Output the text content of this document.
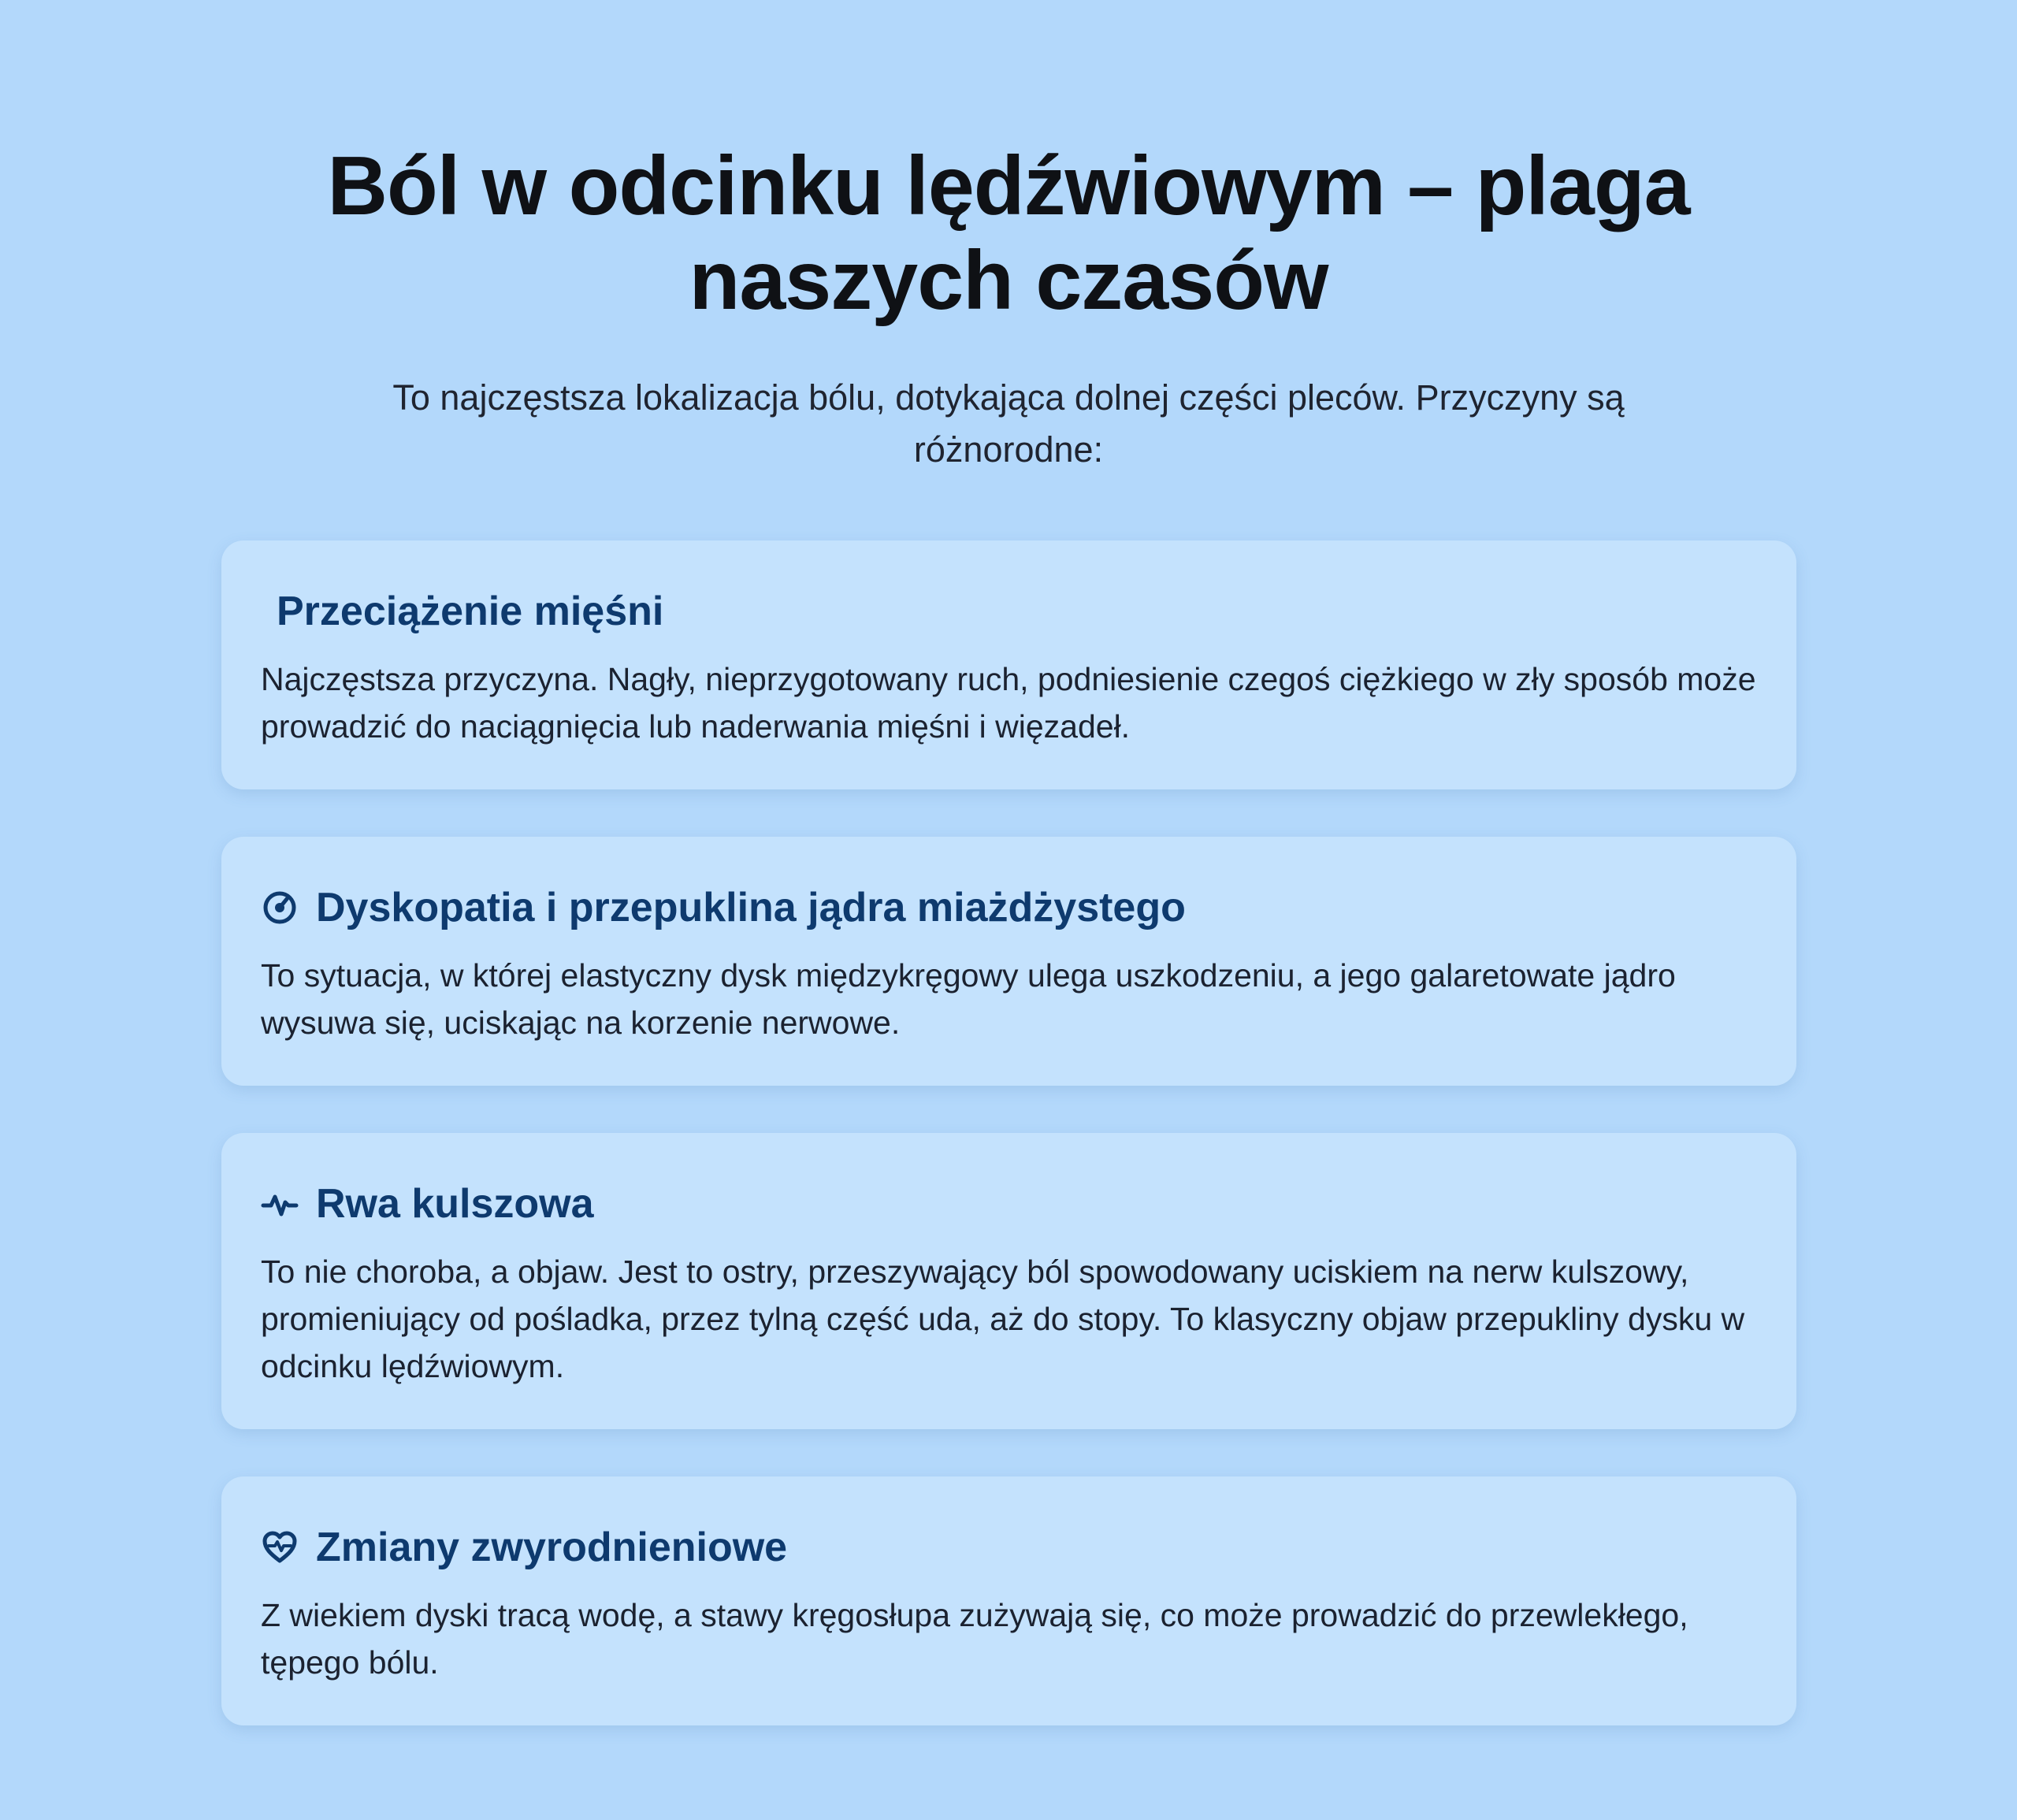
Ból w odcinku lędźwiowym – plaga naszych czasów

To najczęstsza lokalizacja bólu, dotykająca dolnej części pleców. Przyczyny są różnorodne:

Przeciążenie mięśni

Najczęstsza przyczyna. Nagły, nieprzygotowany ruch, podniesienie czegoś ciężkiego w zły sposób może prowadzić do naciągnięcia lub naderwania mięśni i więzadeł.

Dyskopatia i przepuklina jądra miażdżystego

To sytuacja, w której elastyczny dysk międzykręgowy ulega uszkodzeniu, a jego galaretowate jądro wysuwa się, uciskając na korzenie nerwowe.

Rwa kulszowa

To nie choroba, a objaw. Jest to ostry, przeszywający ból spowodowany uciskiem na nerw kulszowy, promieniujący od pośladka, przez tylną część uda, aż do stopy. To klasyczny objaw przepukliny dysku w odcinku lędźwiowym.

Zmiany zwyrodnieniowe

Z wiekiem dyski tracą wodę, a stawy kręgosłupa zużywają się, co może prowadzić do przewlekłego, tępego bólu.
